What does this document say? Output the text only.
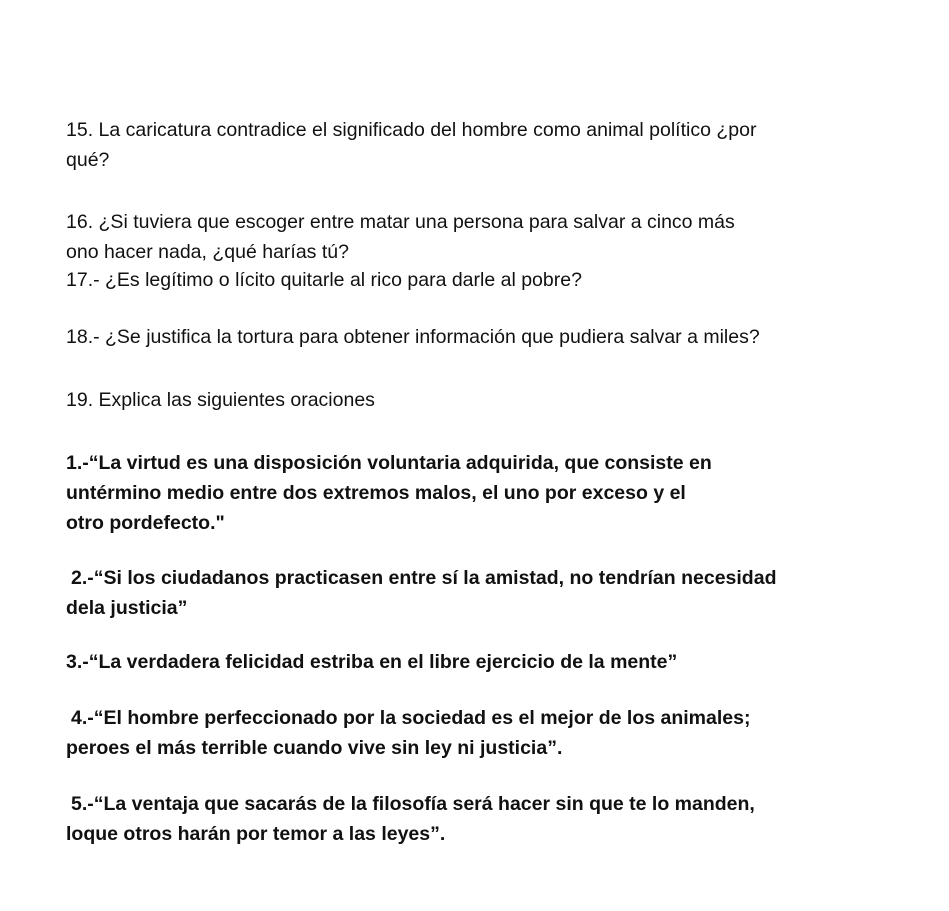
15. La caricatura contradice el significado del hombre como animal político ¿por
qué?
16. ¿Si tuviera que escoger entre matar una persona para salvar a cinco más
ono hacer nada, ¿qué harías tú?
17.- ¿Es legítimo o lícito quitarle al rico para darle al pobre?
18.- ¿Se justifica la tortura para obtener información que pudiera salvar a miles?
19. Explica las siguientes oraciones
1.-“La virtud es una disposición voluntaria adquirida, que consiste en
untérmino medio entre dos extremos malos, el uno por exceso y el
otro pordefecto."
2.-“Si los ciudadanos practicasen entre sí la amistad, no tendrían necesidad
dela justicia”
3.-“La verdadera felicidad estriba en el libre ejercicio de la mente”
4.-“El hombre perfeccionado por la sociedad es el mejor de los animales;
peroes el más terrible cuando vive sin ley ni justicia”.
5.-“La ventaja que sacarás de la filosofía será hacer sin que te lo manden,
loque otros harán por temor a las leyes”.
